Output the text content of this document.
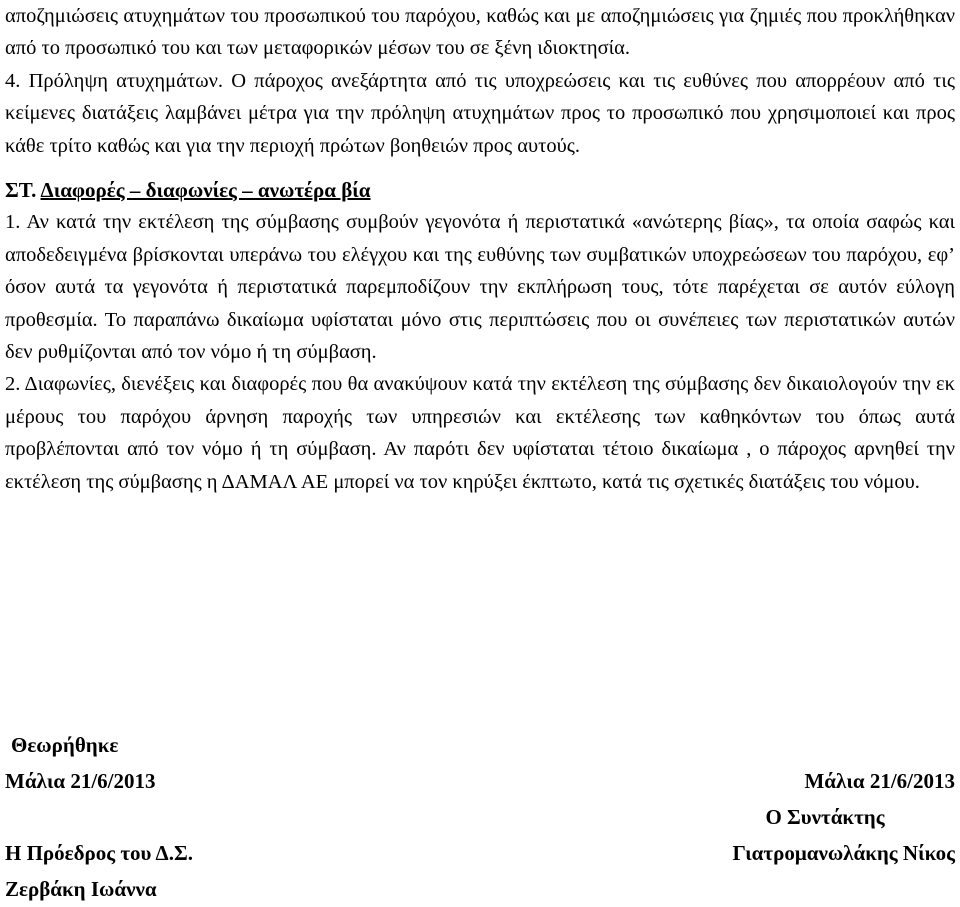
αποζημιώσεις ατυχημάτων του προσωπικού του παρόχου, καθώς και με αποζημιώσεις για ζημιές που προκλήθηκαν από το προσωπικό του και των μεταφορικών μέσων του σε ξένη ιδιοκτησία.

4. Πρόληψη ατυχημάτων. Ο πάροχος ανεξάρτητα από τις υποχρεώσεις και τις ευθύνες που απορρέουν από τις κείμενες διατάξεις λαμβάνει μέτρα για την πρόληψη ατυχημάτων προς το προσωπικό που χρησιμοποιεί και προς κάθε τρίτο καθώς και για την περιοχή πρώτων βοηθειών προς αυτούς.

ΣΤ. Διαφορές – διαφωνίες – ανωτέρα βία

1. Αν κατά την εκτέλεση της σύμβασης συμβούν γεγονότα ή περιστατικά «ανώτερης βίας», τα οποία σαφώς και αποδεδειγμένα βρίσκονται υπεράνω του ελέγχου και της ευθύνης των συμβατικών υποχρεώσεων του παρόχου, εφ’ όσον αυτά τα γεγονότα ή περιστατικά παρεμποδίζουν την εκπλήρωση τους, τότε παρέχεται σε αυτόν εύλογη προθεσμία. Το παραπάνω δικαίωμα υφίσταται μόνο στις περιπτώσεις που οι συνέπειες των περιστατικών αυτών δεν ρυθμίζονται από τον νόμο ή τη σύμβαση.

2. Διαφωνίες, διενέξεις και διαφορές που θα ανακύψουν κατά την εκτέλεση της σύμβασης δεν δικαιολογούν την εκ μέρους του παρόχου άρνηση παροχής των υπηρεσιών και εκτέλεσης των καθηκόντων του όπως αυτά προβλέπονται από τον νόμο ή τη σύμβαση. Αν παρότι δεν υφίσταται τέτοιο δικαίωμα , ο πάροχος αρνηθεί την εκτέλεση της σύμβασης η ΔΑΜΑΛ ΑΕ μπορεί να τον κηρύξει έκπτωτο, κατά τις σχετικές διατάξεις του νόμου.

Θεωρήθηκε
Μάλια 21/6/2013	Μάλια 21/6/2013
Ο Συντάκτης
Η Πρόεδρος του Δ.Σ.	Γιατρομανωλάκης Νίκος
Ζερβάκη Ιωάννα
